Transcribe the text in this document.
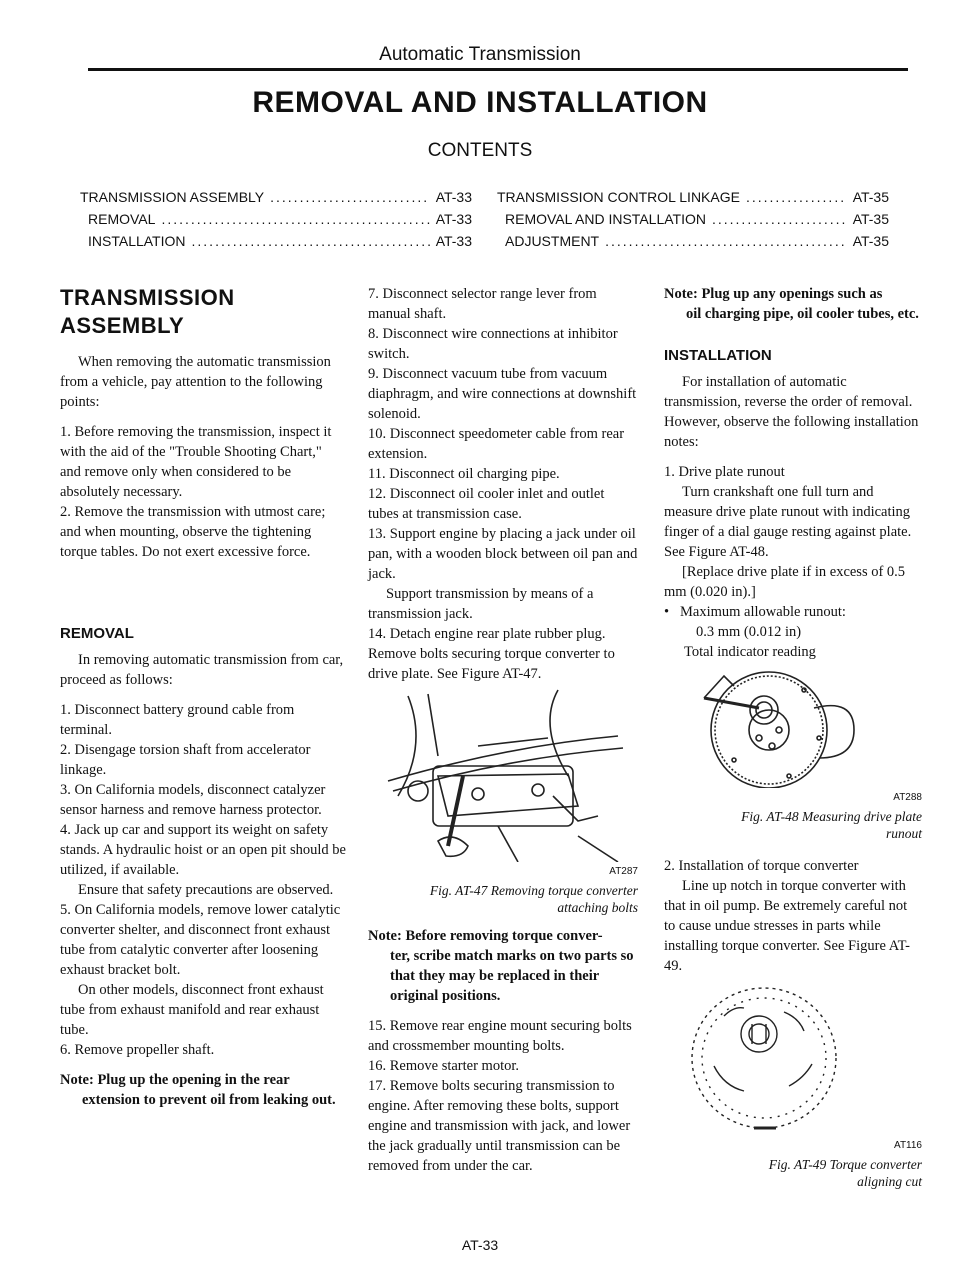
Automatic Transmission
REMOVAL AND INSTALLATION
CONTENTS
TRANSMISSION ASSEMBLY .....	AT-33
REMOVAL .....	AT-33
INSTALLATION .....	AT-33
TRANSMISSION CONTROL LINKAGE .....	AT-35
REMOVAL AND INSTALLATION .....	AT-35
ADJUSTMENT .....	AT-35
TRANSMISSION
ASSEMBLY

When removing the automatic transmission from a vehicle, pay attention to the following points:

1. Before removing the transmission, inspect it with the aid of the "Trouble Shooting Chart," and remove only when considered to be absolutely necessary.

2. Remove the transmission with utmost care; and when mounting, observe the tightening torque tables. Do not exert excessive force.

REMOVAL

In removing automatic transmission from car, proceed as follows:

1. Disconnect battery ground cable from terminal.

2. Disengage torsion shaft from accelerator linkage.

3. On California models, disconnect catalyzer sensor harness and remove harness protector.

4. Jack up car and support its weight on safety stands. A hydraulic hoist or an open pit should be utilized, if available.

Ensure that safety precautions are observed.

5. On California models, remove lower catalytic converter shelter, and disconnect front exhaust tube from catalytic converter after loosening exhaust bracket bolt.

On other models, disconnect front exhaust tube from exhaust manifold and rear exhaust tube.

6. Remove propeller shaft.

Note: Plug up the opening in the rear
extension to prevent oil from leaking out.

7. Disconnect selector range lever from manual shaft.

8. Disconnect wire connections at inhibitor switch.

9. Disconnect vacuum tube from vacuum diaphragm, and wire connections at downshift solenoid.

10. Disconnect speedometer cable from rear extension.

11. Disconnect oil charging pipe.

12. Disconnect oil cooler inlet and outlet tubes at transmission case.

13. Support engine by placing a jack under oil pan, with a wooden block between oil pan and jack.

Support transmission by means of a transmission jack.

14. Detach engine rear plate rubber plug. Remove bolts securing torque converter to drive plate. See Figure AT-47.

AT287
Fig. AT-47 Removing torque converter
attaching bolts
Note: Before removing torque conver-
ter, scribe match marks on two parts so that they may be replaced in their original positions.

15. Remove rear engine mount securing bolts and crossmember mounting bolts.

16. Remove starter motor.

17. Remove bolts securing transmission to engine. After removing these bolts, support engine and transmission with jack, and lower the jack gradually until transmission can be removed from under the car.

Note: Plug up any openings such as
oil charging pipe, oil cooler tubes, etc.
INSTALLATION

For installation of automatic transmission, reverse the order of removal. However, observe the following installation notes:

1. Drive plate runout

Turn crankshaft one full turn and measure drive plate runout with indicating finger of a dial gauge resting against plate. See Figure AT-48.

[Replace drive plate if in excess of 0.5 mm (0.020 in).]

• Maximum allowable runout:

0.3 mm (0.012 in)

Total indicator reading

AT288
Fig. AT-48 Measuring drive plate
runout

2. Installation of torque converter

Line up notch in torque converter with that in oil pump. Be extremely careful not to cause undue stresses in parts while installing torque converter. See Figure AT-49.

AT116
Fig. AT-49 Torque converter
aligning cut
AT-33
